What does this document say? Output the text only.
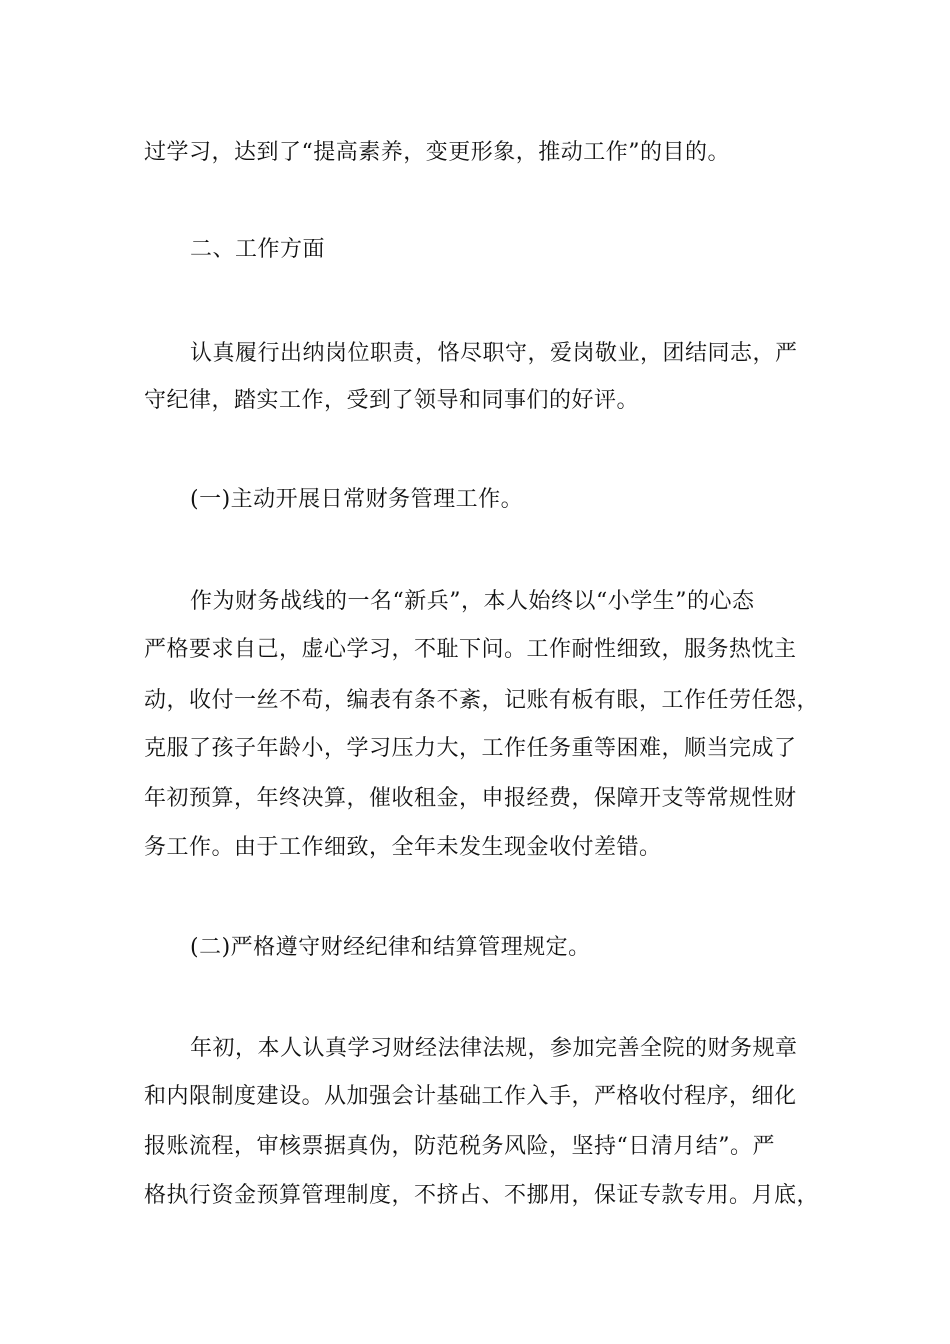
过学习，达到了“提高素养，变更形象，推动工作”的目的。
二、工作方面
认真履行出纳岗位职责，恪尽职守，爱岗敬业，团结同志，严
守纪律，踏实工作，受到了领导和同事们的好评。
(一)主动开展日常财务管理工作。
作为财务战线的一名“新兵”，本人始终以“小学生”的心态
严格要求自己，虚心学习，不耻下问。工作耐性细致，服务热忱主
动，收付一丝不苟，编表有条不紊，记账有板有眼，工作任劳任怨，
克服了孩子年龄小，学习压力大，工作任务重等困难，顺当完成了
年初预算，年终决算，催收租金，申报经费，保障开支等常规性财
务工作。由于工作细致，全年未发生现金收付差错。
(二)严格遵守财经纪律和结算管理规定。
年初，本人认真学习财经法律法规，参加完善全院的财务规章
和内限制度建设。从加强会计基础工作入手，严格收付程序，细化
报账流程，审核票据真伪，防范税务风险，坚持“日清月结”。严
格执行资金预算管理制度，不挤占、不挪用，保证专款专用。月底，
